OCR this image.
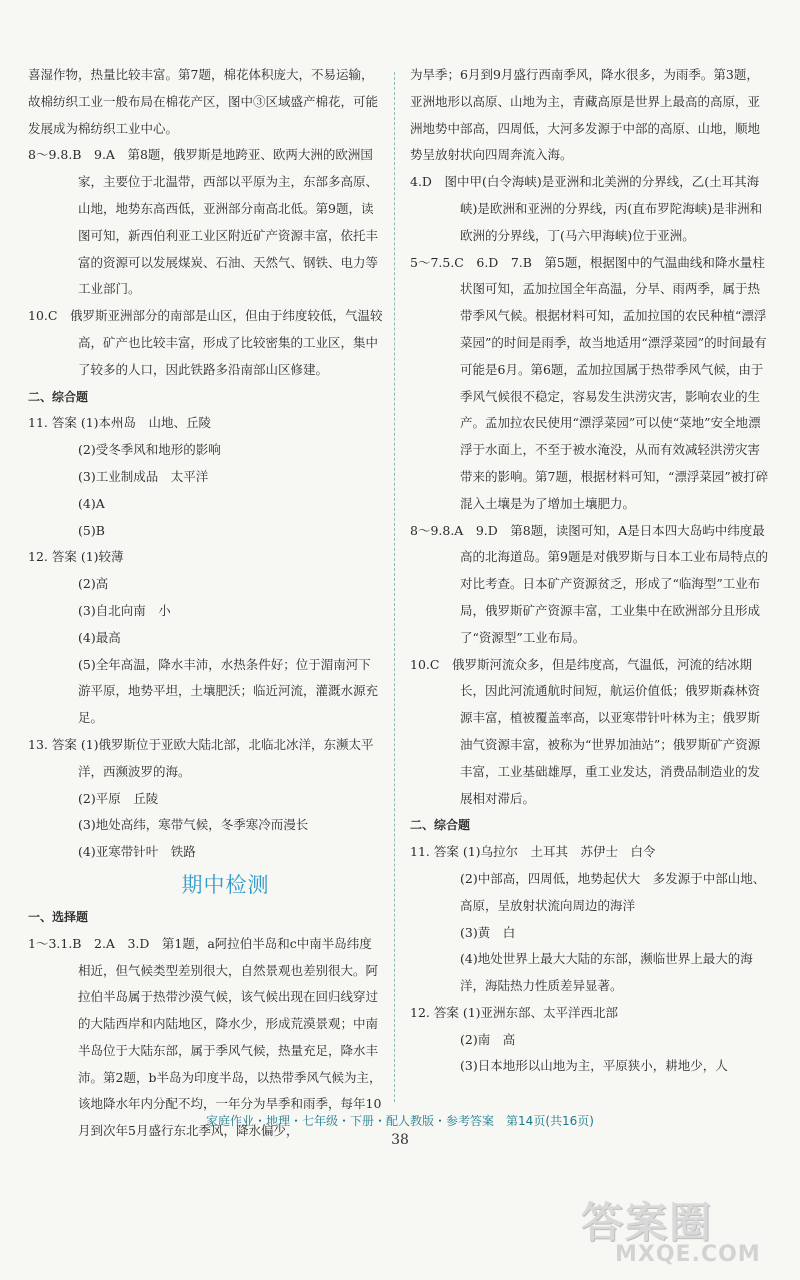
喜湿作物，热量比较丰富。第7题，棉花体积庞大，不易运输，故棉纺织工业一般布局在棉花产区，图中③区域盛产棉花，可能发展成为棉纺织工业中心。

8～9.8.B　9.A　第8题，俄罗斯是地跨亚、欧两大洲的欧洲国家，主要位于北温带，西部以平原为主，东部多高原、山地，地势东高西低，亚洲部分南高北低。第9题，读图可知，新西伯利亚工业区附近矿产资源丰富，依托丰富的资源可以发展煤炭、石油、天然气、钢铁、电力等工业部门。

10.C　俄罗斯亚洲部分的南部是山区，但由于纬度较低，气温较高，矿产也比较丰富，形成了比较密集的工业区，集中了较多的人口，因此铁路多沿南部山区修建。

二、综合题

11. 答案 (1)本州岛　山地、丘陵

(2)受冬季风和地形的影响

(3)工业制成品　太平洋

(4)A

(5)B

12. 答案 (1)较薄

(2)高

(3)自北向南　小

(4)最高

(5)全年高温，降水丰沛，水热条件好；位于湄南河下游平原，地势平坦，土壤肥沃；临近河流，灌溉水源充足。

13. 答案 (1)俄罗斯位于亚欧大陆北部，北临北冰洋，东濒太平洋，西濒波罗的海。

(2)平原　丘陵

(3)地处高纬，寒带气候，冬季寒冷而漫长

(4)亚寒带针叶　铁路

期中检测

一、选择题

1～3.1.B　2.A　3.D　第1题，a阿拉伯半岛和c中南半岛纬度相近，但气候类型差别很大，自然景观也差别很大。阿拉伯半岛属于热带沙漠气候，该气候出现在回归线穿过的大陆西岸和内陆地区，降水少，形成荒漠景观；中南半岛位于大陆东部，属于季风气候，热量充足，降水丰沛。第2题，b半岛为印度半岛，以热带季风气候为主，该地降水年内分配不均，一年分为旱季和雨季，每年10月到次年5月盛行东北季风，降水偏少，

为旱季；6月到9月盛行西南季风，降水很多，为雨季。第3题，亚洲地形以高原、山地为主，青藏高原是世界上最高的高原，亚洲地势中部高，四周低，大河多发源于中部的高原、山地，顺地势呈放射状向四周奔流入海。

4.D　图中甲(白令海峡)是亚洲和北美洲的分界线，乙(土耳其海峡)是欧洲和亚洲的分界线，丙(直布罗陀海峡)是非洲和欧洲的分界线，丁(马六甲海峡)位于亚洲。

5～7.5.C　6.D　7.B　第5题，根据图中的气温曲线和降水量柱状图可知，孟加拉国全年高温，分旱、雨两季，属于热带季风气候。根据材料可知，孟加拉国的农民种植“漂浮菜园”的时间是雨季，故当地适用“漂浮菜园”的时间最有可能是6月。第6题，孟加拉国属于热带季风气候，由于季风气候很不稳定，容易发生洪涝灾害，影响农业的生产。孟加拉农民使用“漂浮菜园”可以使“菜地”安全地漂浮于水面上，不至于被水淹没，从而有效减轻洪涝灾害带来的影响。第7题，根据材料可知，“漂浮菜园”被打碎混入土壤是为了增加土壤肥力。

8～9.8.A　9.D　第8题，读图可知，A是日本四大岛屿中纬度最高的北海道岛。第9题是对俄罗斯与日本工业布局特点的对比考查。日本矿产资源贫乏，形成了“临海型”工业布局，俄罗斯矿产资源丰富，工业集中在欧洲部分且形成了“资源型”工业布局。

10.C　俄罗斯河流众多，但是纬度高，气温低，河流的结冰期长，因此河流通航时间短，航运价值低；俄罗斯森林资源丰富，植被覆盖率高，以亚寒带针叶林为主；俄罗斯油气资源丰富，被称为“世界加油站”；俄罗斯矿产资源丰富，工业基础雄厚，重工业发达，消费品制造业的发展相对滞后。

二、综合题

11. 答案 (1)乌拉尔　土耳其　苏伊士　白令

(2)中部高，四周低，地势起伏大　多发源于中部山地、高原，呈放射状流向周边的海洋

(3)黄　白

(4)地处世界上最大大陆的东部，濒临世界上最大的海洋，海陆热力性质差异显著。

12. 答案 (1)亚洲东部、太平洋西北部

(2)南　高

(3)日本地形以山地为主，平原狭小，耕地少，人

家庭作业・地理・七年级・下册・配人教版・参考答案　第14页(共16页)
38
答案圈
MXQE.COM
